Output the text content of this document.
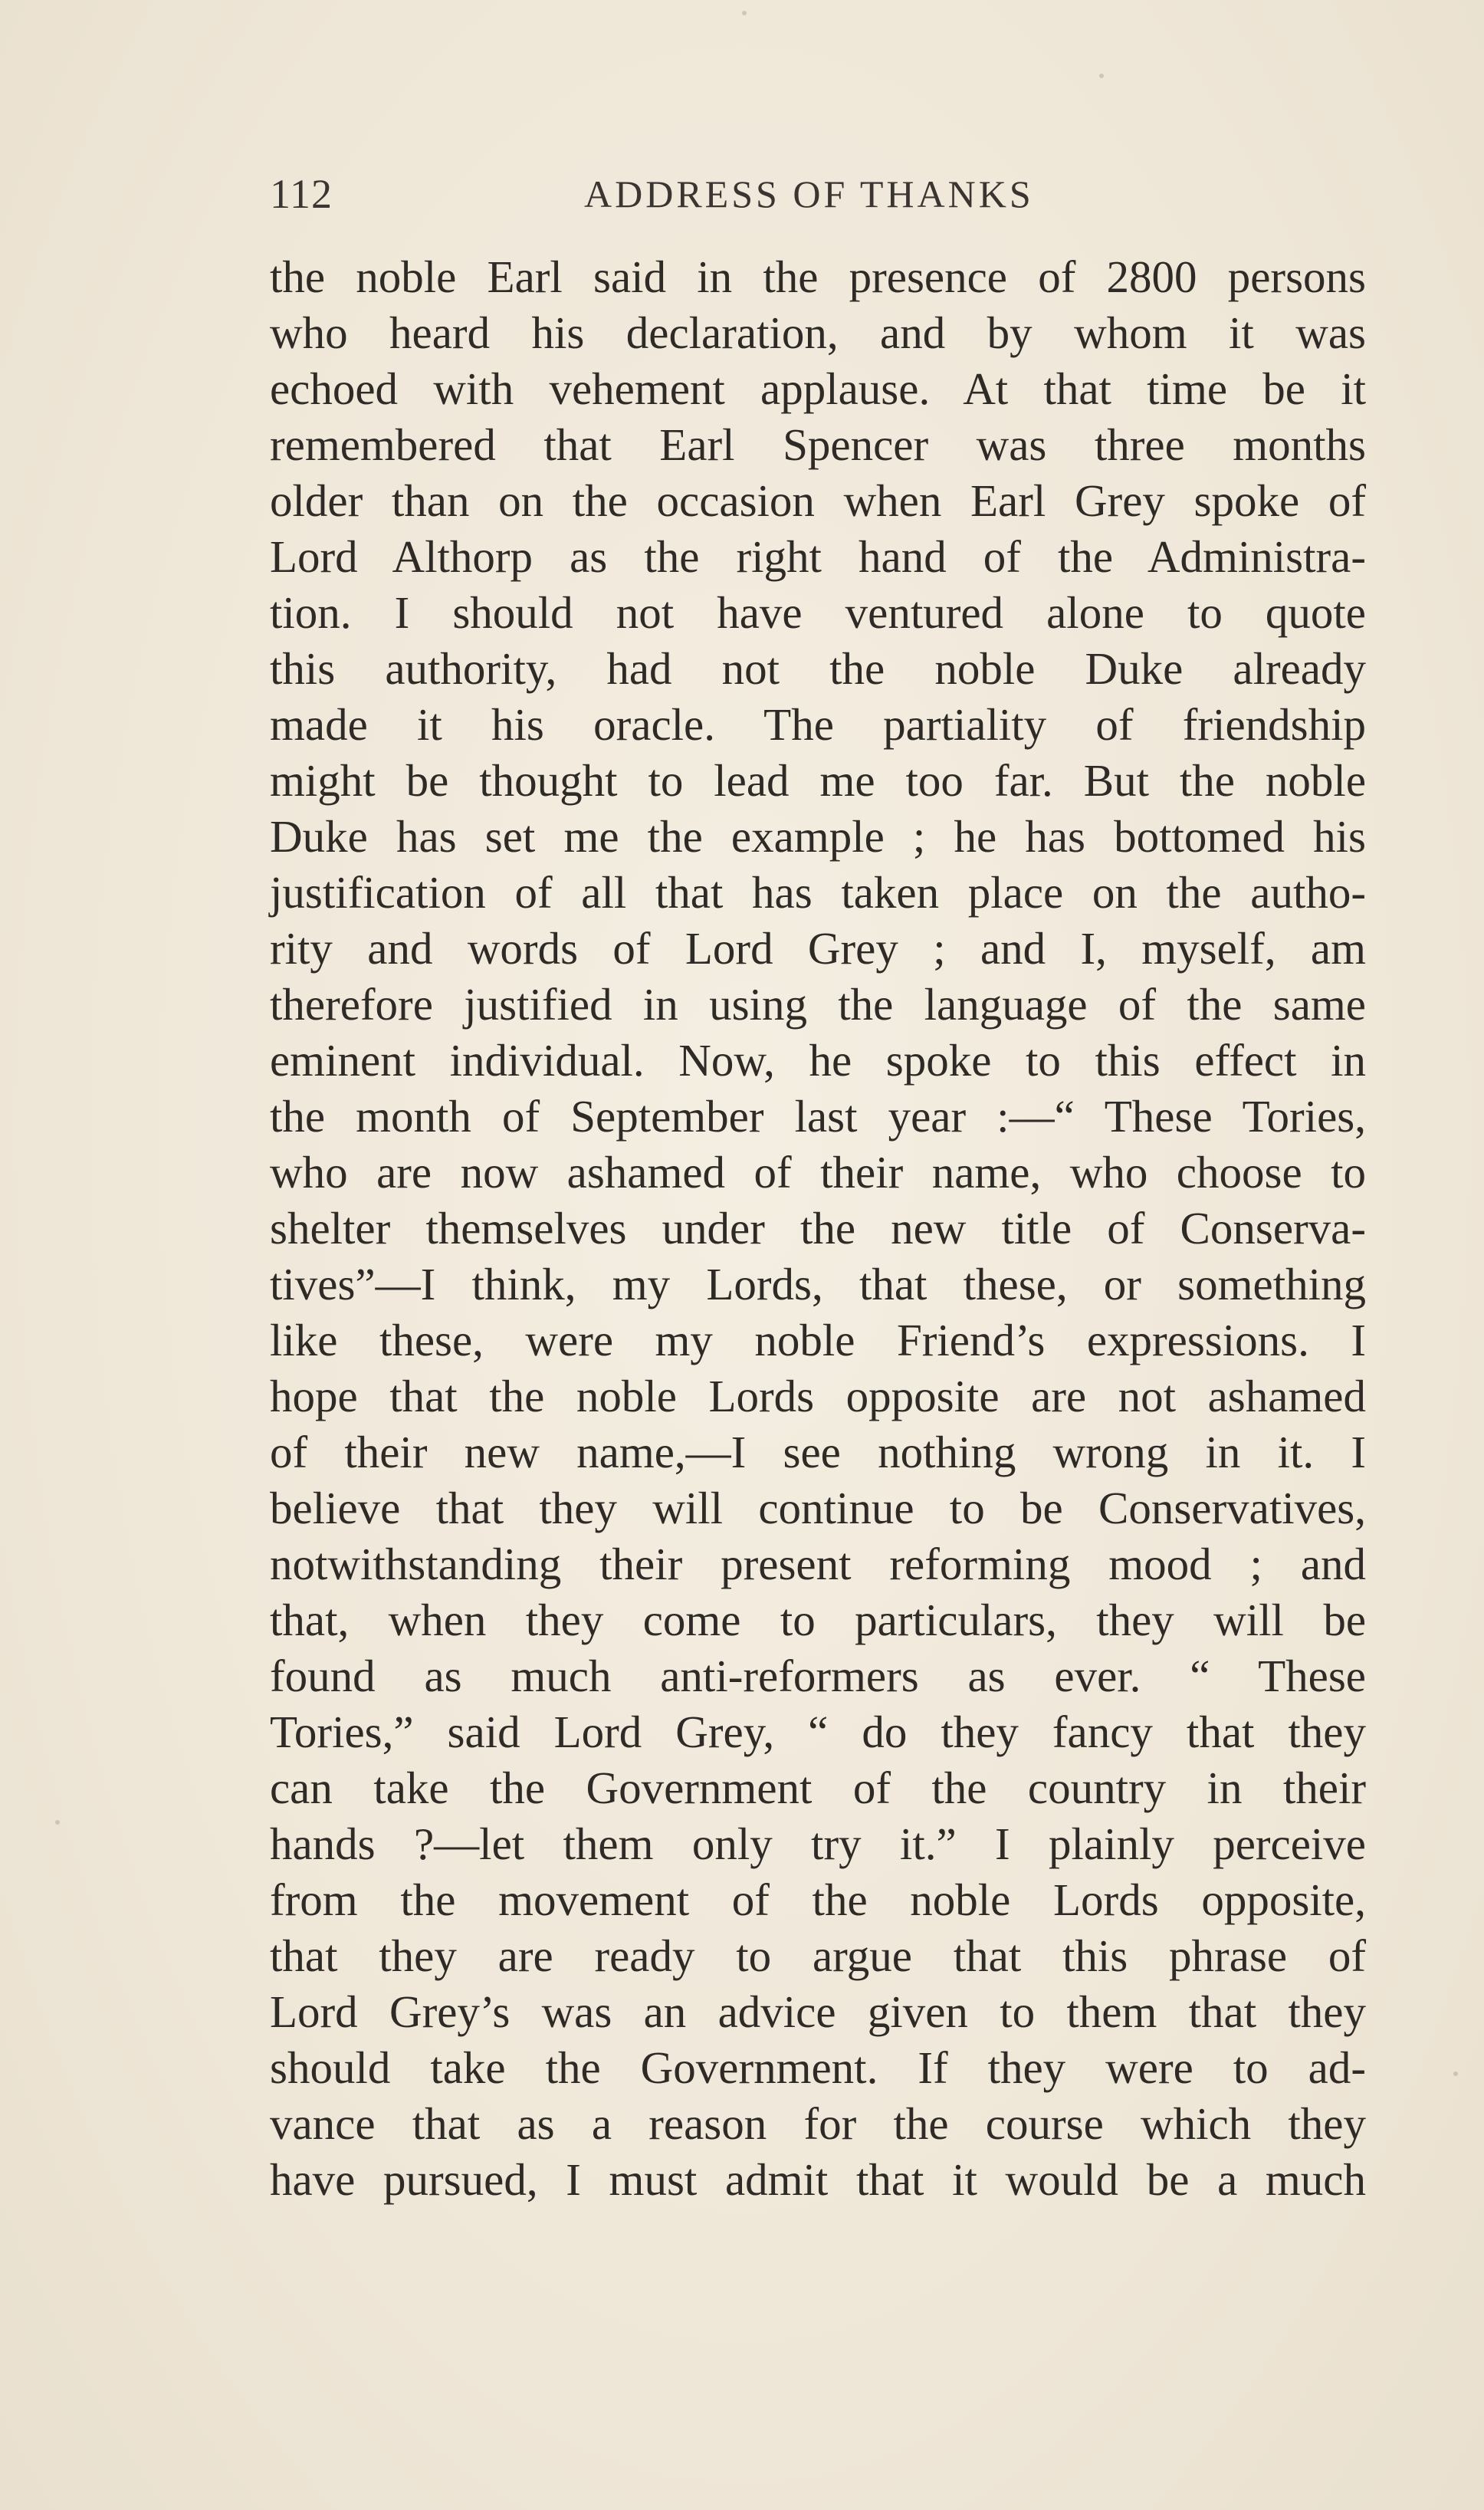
112	ADDRESS OF THANKS
the noble Earl said in the presence of 2800 persons
who heard his declaration, and by whom it was
echoed with vehement applause. At that time be it
remembered that Earl Spencer was three months
older than on the occasion when Earl Grey spoke of
Lord Althorp as the right hand of the Administra-
tion. I should not have ventured alone to quote
this authority, had not the noble Duke already
made it his oracle. The partiality of friendship
might be thought to lead me too far. But the noble
Duke has set me the example ; he has bottomed his
justification of all that has taken place on the autho-
rity and words of Lord Grey ; and I, myself, am
therefore justified in using the language of the same
eminent individual. Now, he spoke to this effect in
the month of September last year :—“ These Tories,
who are now ashamed of their name, who choose to
shelter themselves under the new title of Conserva-
tives”—I think, my Lords, that these, or something
like these, were my noble Friend’s expressions. I
hope that the noble Lords opposite are not ashamed
of their new name,—I see nothing wrong in it. I
believe that they will continue to be Conservatives,
notwithstanding their present reforming mood ; and
that, when they come to particulars, they will be
found as much anti-reformers as ever. “ These
Tories,” said Lord Grey, “ do they fancy that they
can take the Government of the country in their
hands ?—let them only try it.” I plainly perceive
from the movement of the noble Lords opposite,
that they are ready to argue that this phrase of
Lord Grey’s was an advice given to them that they
should take the Government. If they were to ad-
vance that as a reason for the course which they
have pursued, I must admit that it would be a much
